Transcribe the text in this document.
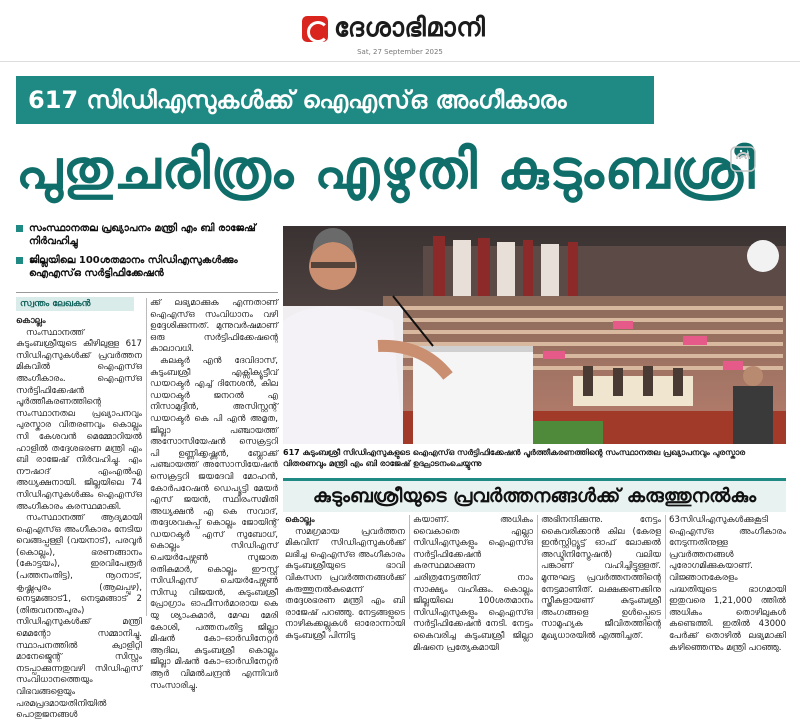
ദേശാഭിമാനി
Sat, 27 September 2025
617 സിഡിഎസുകൾക്ക് ഐഎസ്ഒ അംഗീകാരം
പുതുചരിത്രം എഴുതി കുടുംബശ്രീ
സംസ്ഥാനതല പ്രഖ്യാപനം മന്ത്രി എം ബി രാജേഷ് നിർവഹിച്ചു
ജില്ലയിലെ 100ശതമാനം സിഡിഎസുകൾക്കും ഐഎസ്ഒ സർട്ടിഫിക്കേഷൻ
സ്വന്തം ലേഖകൻ

കൊല്ലം

സംസ്ഥാനത്ത് കുടുംബശ്രീയുടെ കീഴിലുള്ള 617 സിഡിഎസുകൾക്ക് പ്രവർത്തന മികവിൽ ഐഎസ്ഒ അംഗീകാരം. ഐഎസ്ഒ സർട്ടിഫിക്കേഷൻ പൂർത്തീകരണത്തിന്റെ സംസ്ഥാനതല പ്രഖ്യാപനവും പുരസ്കാര വിതരണവും കൊല്ലം സി കേശവൻ മെമ്മോറിയൽ ഹാളിൽ തദ്ദേശഭരണ മന്ത്രി എം ബി രാജേഷ് നിർവഹിച്ചു. എം നൗഷാദ് എംഎൽഎ അധ്യക്ഷനായി. ജില്ലയിലെ 74 സിഡിഎസുകൾക്കും ഐഎസ്ഒ അംഗീകാരം കരസ്ഥമാക്കി.

സംസ്ഥാനത്ത് ആദ്യമായി ഐഎസ്ഒ അംഗീകാരം നേടിയ വെങ്ങപ്പള്ളി (വയനാട്), പരവൂർ (കൊല്ലം), ഭരണങ്ങാനം (കോട്ടയം), ഇരവിപേരൂർ (പത്തനംതിട്ട), നൂറനാട്, കൃഷ്ണപുരം (ആലപ്പുഴ), നെടുമങ്ങാട്1, നെടുമങ്ങാട് 2 (തിരുവനന്തപുരം) സിഡിഎസുകൾക്ക് മന്ത്രി മെമന്റോ സമ്മാനിച്ചു. സ്ഥാപനത്തിൽ ക്വാളിറ്റി മാനേജ്മെന്റ് സിസ്റ്റം നടപ്പാക്കുന്നതുവഴി സിഡിഎസ് സംവിധാനത്തെയും വിഭവങ്ങളെയും പരമപ്രദമായതിനിയിൽ പൊതുജനങ്ങൾ

ക്ക് ലഭ്യമാക്കുക എന്നതാണ് ഐഎസ്ഒ സംവിധാനം വഴി ഉദ്ദേശിക്കുന്നത്. മുന്നുവർഷമാണ് ഒരു സർട്ടിഫിക്കേഷന്റെ കാലാവധി.

കലക്ടർ എൻ ദേവിദാസ്, കുടുംബശ്രീ എക്സിക്യൂട്ടീവ് ഡയറക്ടർ എച്ച് ദിനേശൻ, കില ഡയറക്ടർ ജനറൽ എ നിസാമുദ്ദീൻ, അസിസ്റ്റന്റ് ഡയറക്ടർ കെ പി എൻ അമൃത, ജില്ലാ പഞ്ചായത്ത് അസോസിയേഷൻ സെക്രട്ടറി പി ഉണ്ണിക്കൃഷ്ണൻ, ബ്ലോക്ക് പഞ്ചായത്ത് അസോസിയേഷൻ സെക്രട്ടറി ജയദേവി മോഹൻ, കോർപറേഷൻ ഡെപ്യൂട്ടി മേയർ എസ് ജയൻ, സ്ഥിരംസമിതി അധ്യക്ഷൻ എ കെ സവാദ്, തദ്ദേശവകുപ്പ് കൊല്ലം ജോയിന്റ് ഡയറക്ടർ എസ് സുബോധ്, കൊല്ലം സിഡിഎസ് ചെയർപേഴ്സൺ സുജാത രതികുമാർ, കൊല്ലം ഈസ്റ്റ് സിഡിഎസ് ചെയർപേഴ്സൺ സിന്ധു വിജയൻ, കുടുംബശ്രീ പ്രോഗ്രാം ഓഫീസർമാരായ കെ യു ശ്യാംകുമാർ, മേഘ മേരി കോശി, പത്തനംതിട്ട ജില്ലാ മിഷൻ കോ–ഓർഡിനേറ്റർ ആദില, കുടുംബശ്രീ കൊല്ലം ജില്ലാ മിഷൻ കോ–ഓർഡിനേറ്റർ ആർ വിമൽചന്ദ്രൻ എന്നിവർ സംസാരിച്ചു.

617 കുടുംബശ്രീ സിഡിഎസുകളുടെ ഐഎസ്ഒ സർട്ടിഫിക്കേഷൻ പൂർത്തീകരണത്തിന്റെ സംസ്ഥാനതല പ്രഖ്യാപനവും പുരസ്കാര വിതരണവും മന്ത്രി എം ബി രാജേഷ് ഉദ്ഘാടനംചെയ്യുന്നു
കുടുംബശ്രീയുടെ പ്രവർത്തനങ്ങൾക്ക് കരുത്തുനൽകും

കൊല്ലം

സമഗ്രമായ പ്രവർത്തന മികവിന് സിഡിഎസുകൾക്ക് ലഭിച്ച ഐഎസ്ഒ അംഗീകാരം കുടുംബശ്രീയുടെ ഭാവി വികസന പ്രവർത്തനങ്ങൾക്ക് കരുത്തുനൽകുമെന്ന് തദ്ദേശഭരണ മന്ത്രി എം ബി രാജേഷ് പറഞ്ഞു. നേട്ടങ്ങളുടെ നാഴികക്കല്ലുകൾ ഓരോന്നായി കുടുംബശ്രീ പിന്നിടു

കയാണ്. അധികം വൈകാതെ എല്ലാ സിഡിഎസുകളും ഐഎസ്ഒ സർട്ടിഫിക്കേഷൻ കരസ്ഥമാക്കുന്ന ചരിത്രനേട്ടത്തിന് നാം സാക്ഷ്യം വഹിക്കും. കൊല്ലം ജില്ലയിലെ 100ശതമാനം സിഡിഎസുകളും ഐഎസ്ഒ സർട്ടിഫിക്കേഷൻ നേടി. നേട്ടം കൈവരിച്ച കുടുംബശ്രീ ജില്ലാ മിഷനെ പ്രത്യേകമായി

അഭിനന്ദിക്കുന്നു. നേട്ടം കൈവരിക്കാൻ കില (കേരള ഇൻസ്റ്റിറ്റ്യൂട്ട് ഓഫ് ലോക്കൽ അഡ്മിനിസ്ട്രേഷൻ) വലിയ പങ്കാണ് വഹിച്ചിട്ടുള്ളത്. മൂന്നുഘട്ട പ്രവർത്തനത്തിന്റെ നേട്ടമാണിത്. ലക്ഷക്കണക്കിനു സ്ത്രീകളായണ് കുടുംബശ്രീ അംഗങ്ങളെ ഉൾപ്പെടെ സാമൂഹ്യക ജീവിതത്തിന്റെ മുഖ്യധാരയിൽ എത്തിച്ചത്.

63സിഡിഎസുകൾക്കുകൂടി ഐഎസ്ഒ അംഗീകാരം നേടുന്നതിനുള്ള പ്രവർത്തനങ്ങൾ പുരോഗമിക്കുകയാണ്. വിജ്ഞാനകേരളം പദ്ധതിയുടെ ഭാഗമായി ഇതുവരെ 1,21,000 ത്തിൽ അധികം തൊഴിലുകൾ കണ്ടെത്തി. ഇതിൽ 43000 പേർക്ക് തൊഴിൽ ലഭ്യമാക്കി കഴിഞ്ഞെന്നും മന്ത്രി പറഞ്ഞു.
